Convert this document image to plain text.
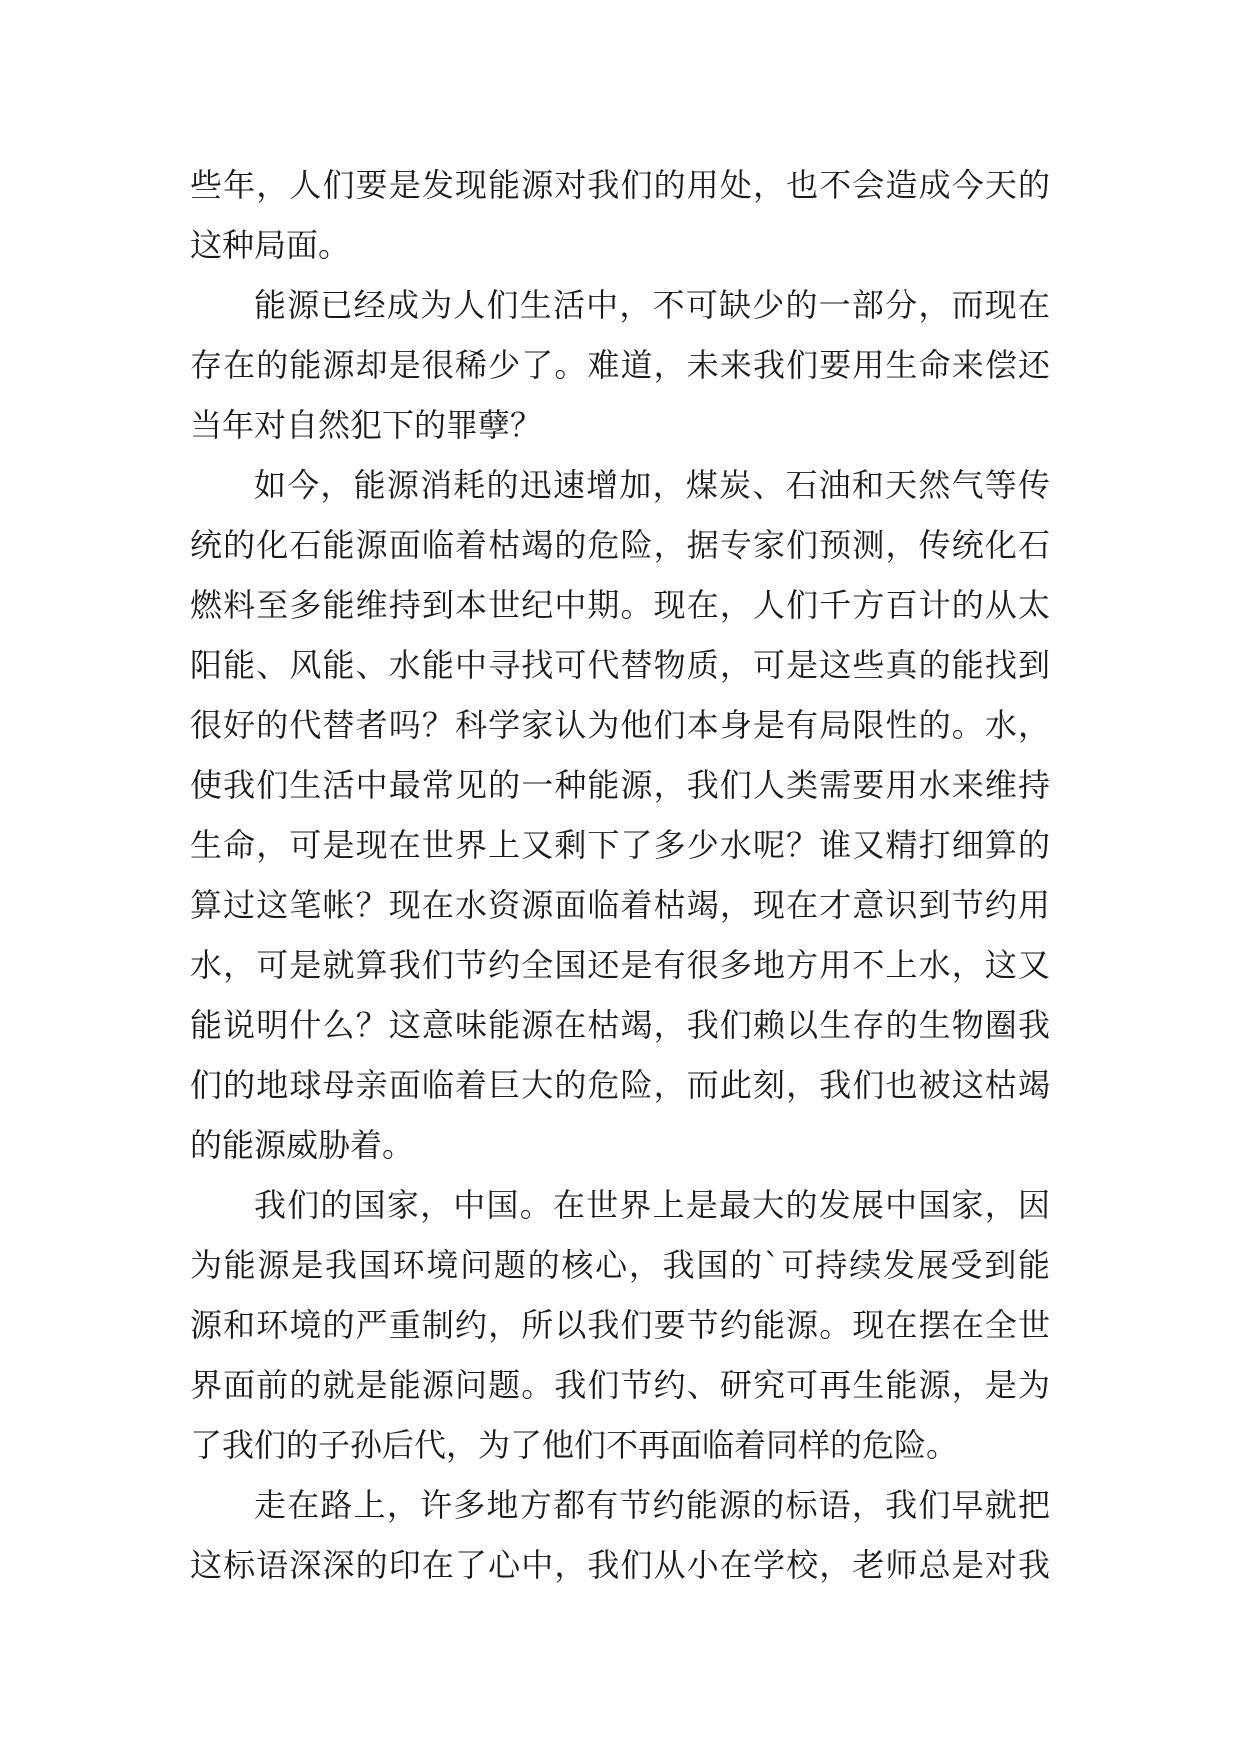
些年，人们要是发现能源对我们的用处，也不会造成今天的
这种局面。
能源已经成为人们生活中，不可缺少的一部分，而现在
存在的能源却是很稀少了。难道，未来我们要用生命来偿还
当年对自然犯下的罪孽？
如今，能源消耗的迅速增加，煤炭、石油和天然气等传
统的化石能源面临着枯竭的危险，据专家们预测，传统化石
燃料至多能维持到本世纪中期。现在，人们千方百计的从太
阳能、风能、水能中寻找可代替物质，可是这些真的能找到
很好的代替者吗？科学家认为他们本身是有局限性的。水，
使我们生活中最常见的一种能源，我们人类需要用水来维持
生命，可是现在世界上又剩下了多少水呢？谁又精打细算的
算过这笔帐？现在水资源面临着枯竭，现在才意识到节约用
水，可是就算我们节约全国还是有很多地方用不上水，这又
能说明什么？这意味能源在枯竭，我们赖以生存的生物圈我
们的地球母亲面临着巨大的危险，而此刻，我们也被这枯竭
的能源威胁着。
我们的国家，中国。在世界上是最大的发展中国家，因
为能源是我国环境问题的核心，我国的`可持续发展受到能
源和环境的严重制约，所以我们要节约能源。现在摆在全世
界面前的就是能源问题。我们节约、研究可再生能源，是为
了我们的子孙后代，为了他们不再面临着同样的危险。
走在路上，许多地方都有节约能源的标语，我们早就把
这标语深深的印在了心中，我们从小在学校，老师总是对我
